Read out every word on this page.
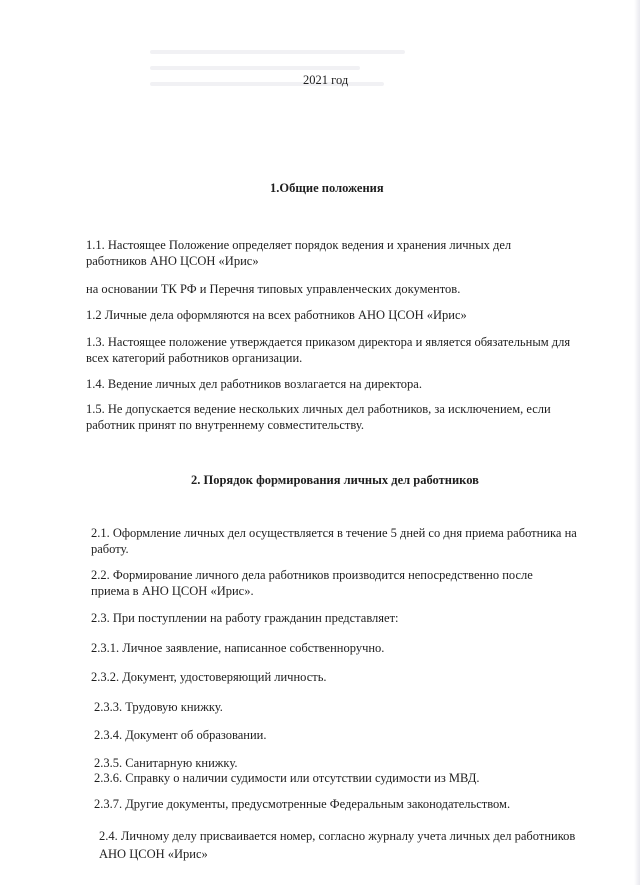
2021 год
1.Общие положения
1.1. Настоящее Положение определяет порядок ведения и хранения личных дел
работников АНО ЦСОН «Ирис»
на основании ТК РФ и Перечня типовых управленческих документов.
1.2 Личные дела оформляются на всех работников АНО ЦСОН «Ирис»
1.3. Настоящее положение утверждается приказом директора и является обязательным для
всех категорий работников организации.
1.4. Ведение личных дел работников возлагается на директора.
1.5. Не допускается ведение нескольких личных дел работников, за исключением, если
работник принят по внутреннему совместительству.
2. Порядок формирования личных дел работников
2.1. Оформление личных дел осуществляется в течение 5 дней со дня приема работника на
работу.
2.2. Формирование личного дела работников производится непосредственно после
приема в АНО ЦСОН «Ирис».
2.3. При поступлении на работу гражданин представляет:
2.3.1. Личное заявление, написанное собственноручно.
2.3.2. Документ, удостоверяющий личность.
2.3.3. Трудовую книжку.
2.3.4. Документ об образовании.
2.3.5. Санитарную книжку.
2.3.6. Справку о наличии судимости или отсутствии судимости из МВД.
2.3.7. Другие документы, предусмотренные Федеральным законодательством.
2.4. Личному делу присваивается номер, согласно журналу учета личных дел работников
АНО ЦСОН «Ирис»
